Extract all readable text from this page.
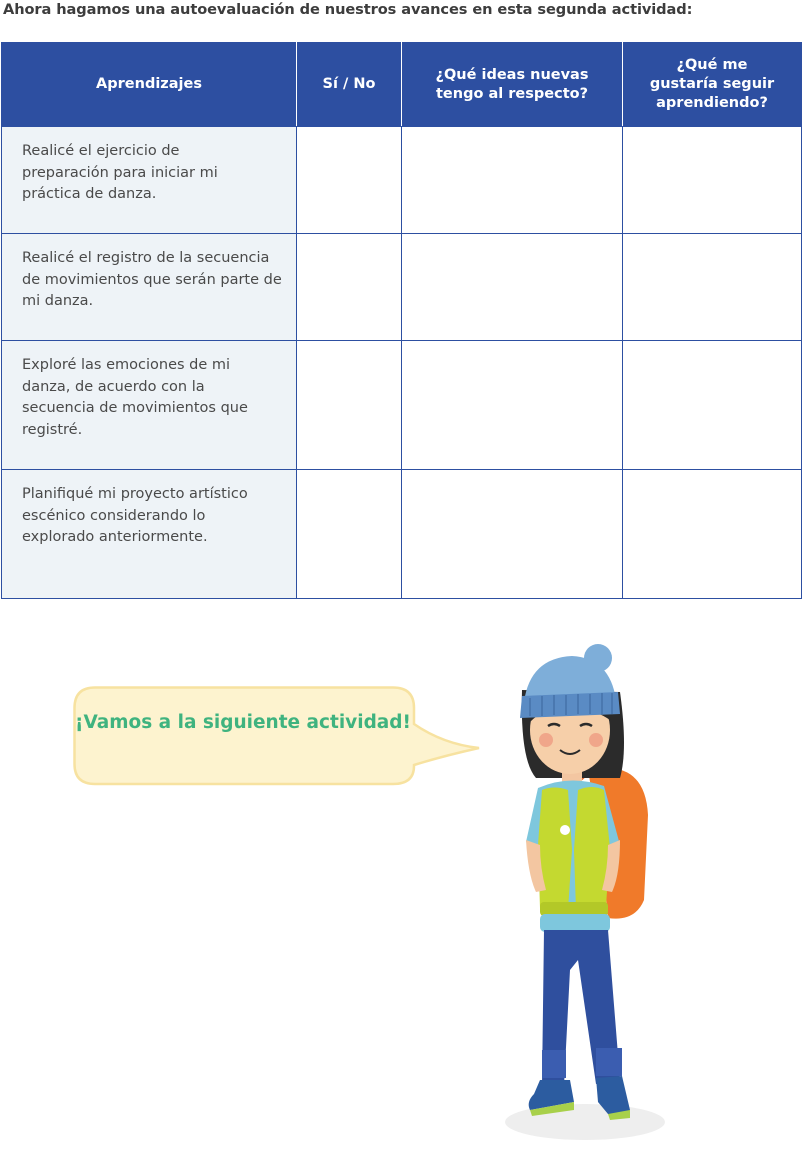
Ahora hagamos una autoevaluación de nuestros avances en esta segunda actividad:
Aprendizajes	Sí / No	¿Qué ideas nuevas tengo al respecto?	¿Qué me gustaría seguir aprendiendo?

Realicé el ejercicio de preparación para iniciar mi práctica de danza.			

Realicé el registro de la secuencia de movimientos que serán parte de mi danza.			

Exploré las emociones de mi danza, de acuerdo con la secuencia de movimientos que registré.			

Planifiqué mi proyecto artístico escénico considerando lo explorado anteriormente.			

¡Vamos a la siguiente actividad!
